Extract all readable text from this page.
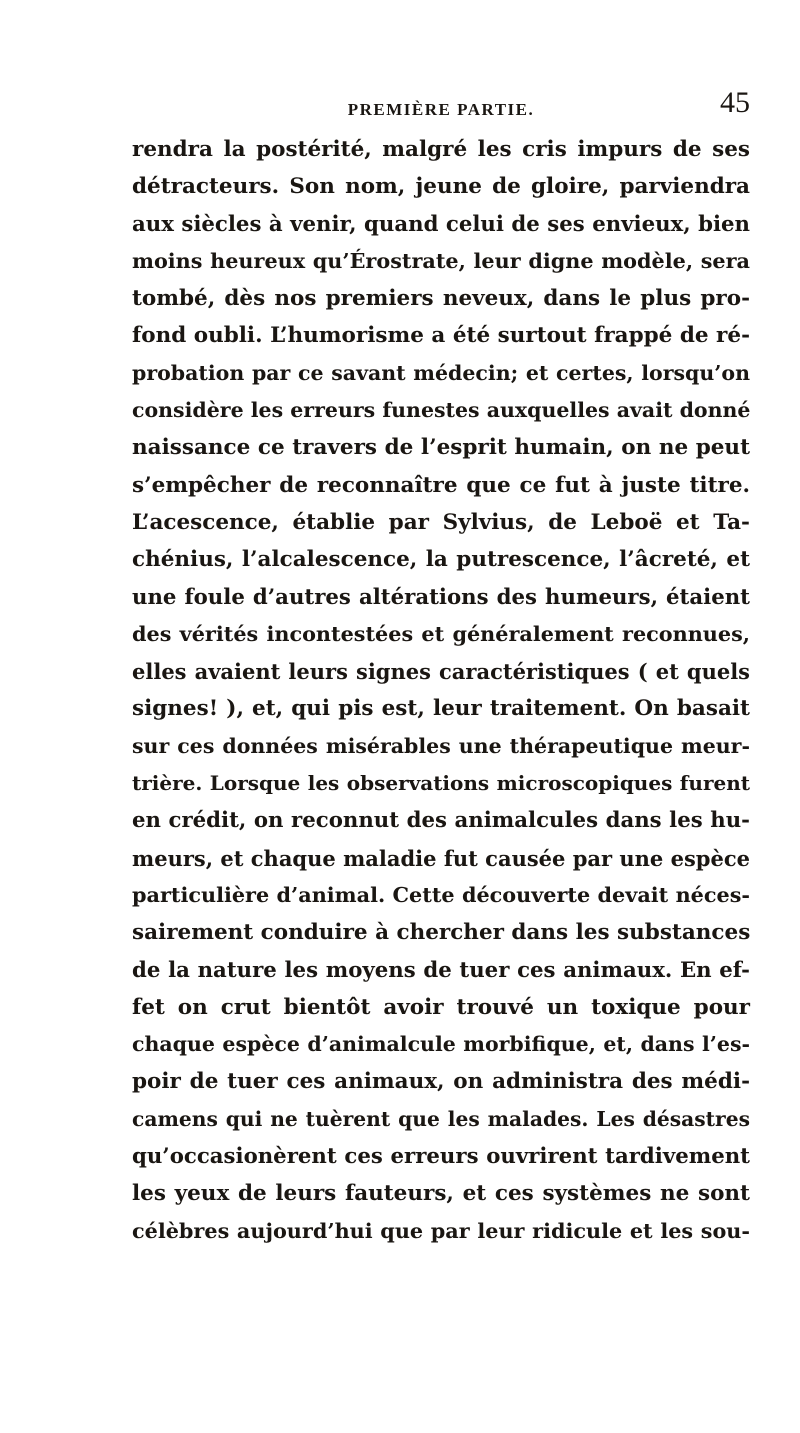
PREMIÈRE PARTIE.	45
rendra la postérité, malgré les cris impurs de ses
détracteurs. Son nom, jeune de gloire, parviendra
aux siècles à venir, quand celui de ses envieux, bien
moins heureux qu’Érostrate, leur digne modèle, sera
tombé, dès nos premiers neveux, dans le plus pro-
fond oubli. L’humorisme a été surtout frappé de ré-
probation par ce savant médecin; et certes, lorsqu’on
considère les erreurs funestes auxquelles avait donné
naissance ce travers de l’esprit humain, on ne peut
s’empêcher de reconnaître que ce fut à juste titre.
L’acescence, établie par Sylvius, de Leboë et Ta-
chénius, l’alcalescence, la putrescence, l’âcreté, et
une foule d’autres altérations des humeurs, étaient
des vérités incontestées et généralement reconnues,
elles avaient leurs signes caractéristiques ( et quels
signes! ), et, qui pis est, leur traitement. On basait
sur ces données misérables une thérapeutique meur-
trière. Lorsque les observations microscopiques furent
en crédit, on reconnut des animalcules dans les hu-
meurs, et chaque maladie fut causée par une espèce
particulière d’animal. Cette découverte devait néces-
sairement conduire à chercher dans les substances
de la nature les moyens de tuer ces animaux. En ef-
fet on crut bientôt avoir trouvé un toxique pour
chaque espèce d’animalcule morbifique, et, dans l’es-
poir de tuer ces animaux, on administra des médi-
camens qui ne tuèrent que les malades. Les désastres
qu’occasionèrent ces erreurs ouvrirent tardivement
les yeux de leurs fauteurs, et ces systèmes ne sont
célèbres aujourd’hui que par leur ridicule et les sou-
